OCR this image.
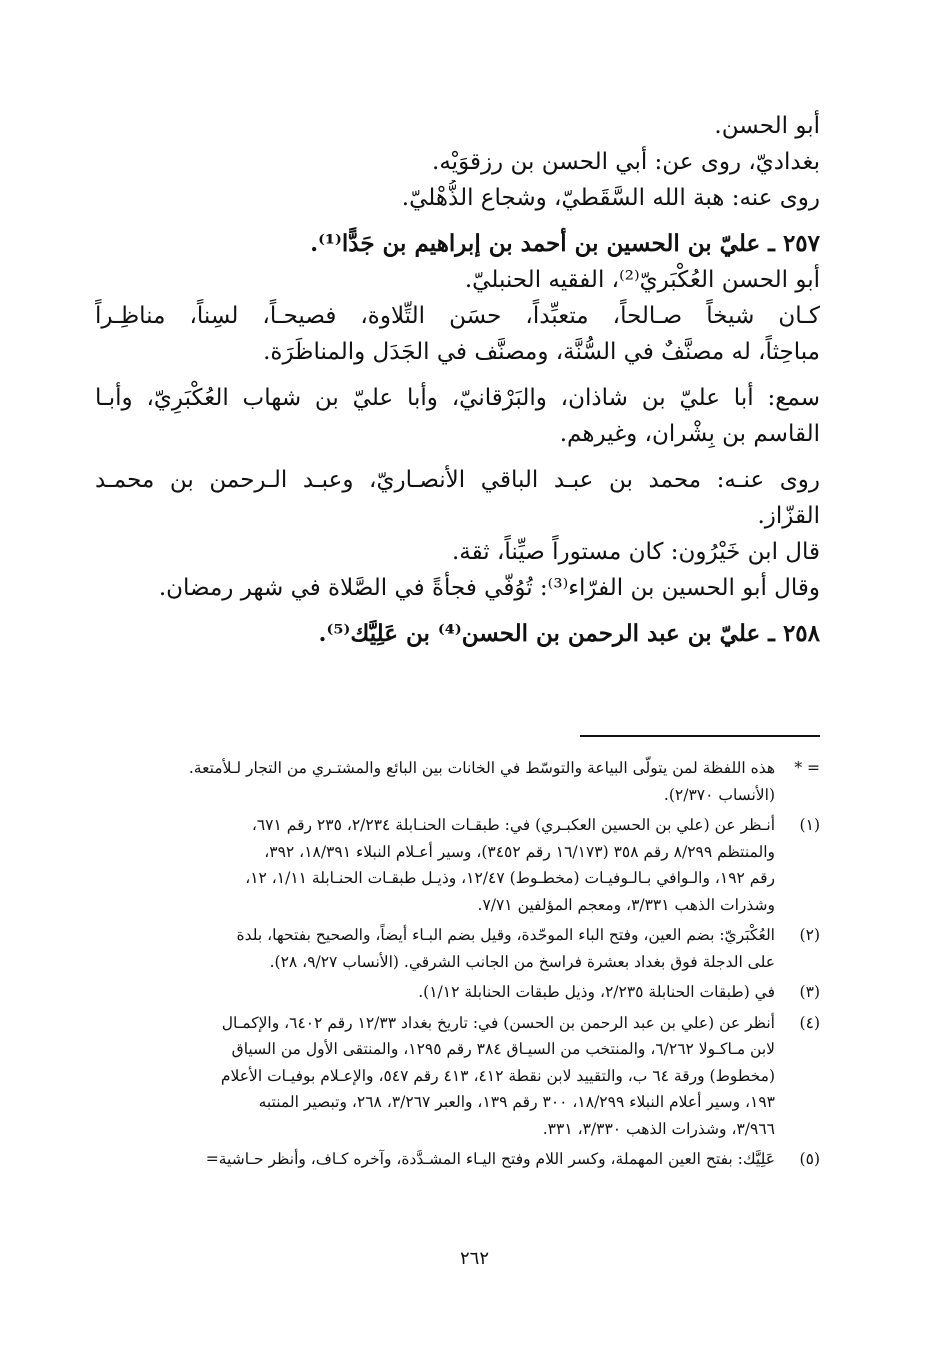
أبو الحسن.
بغداديّ، روى عن: أبي الحسن بن رزقوَيْه.
روى عنه: هبة الله السَّقَطيّ، وشجاع الذُّهْليّ.
٢٥٧ ـ عليّ بن الحسين بن أحمد بن إبراهيم بن جَدًّا⁽¹⁾.
أبو الحسن العُكْبَريّ⁽²⁾، الفقيه الحنبليّ.
كـان شيخاً صـالحاً، متعبِّداً، حسَن التِّلاوة، فصيحـاً، لسِناً، مناظِـراً
مباحِثاً، له مصنَّفٌ في السُّنَّة، ومصنَّف في الجَدَل والمناظَرَة.
سمع: أبا عليّ بن شاذان، والبَرْقانيّ، وأبا عليّ بن شهاب العُكْبَرِيّ، وأبـا
القاسم بن بِشْران، وغيرهم.
روى عنـه: محمد بن عبـد الباقي الأنصـاريّ، وعبـد الـرحمن بن محمـد
القزّاز.
قال ابن خَيْرُون: كان مستوراً صيِّناً، ثقة.
وقال أبو الحسين بن الفرّاء⁽³⁾: تُوُفّي فجأةً في الصَّلاة في شهر رمضان.
٢٥٨ ـ عليّ بن عبد الرحمن بن الحسن⁽⁴⁾ بن عَلِيَّك⁽⁵⁾.
= *
هذه اللفظة لمن يتولّى البياعة والتوسّط في الخانات بين البائع والمشتـري من التجار لـلأمتعة.
(الأنساب ٢/٣٧٠).
(١)
أنـظر عن (علي بن الحسين العكبـري) في: طبقـات الحنـابلة ٢/٢٣٤، ٢٣٥ رقم ٦٧١،
والمنتظم ٨/٢٩٩ رقم ٣٥٨ (١٦/١٧٣ رقم ٣٤٥٢)، وسير أعـلام النبلاء ١٨/٣٩١، ٣٩٢،
رقم ١٩٢، والـوافي بـالـوفيـات (مخطـوط) ١٢/٤٧، وذيـل طبقـات الحنـابلة ١/١١، ١٢،
وشذرات الذهب ٣/٣٣١، ومعجم المؤلفين ٧/٧١.
(٢)
العُكْبَريّ: بضم العين، وفتح الباء الموحّدة، وقيل بضم البـاء أيضاً، والصحيح بفتحها، بلدة
على الدجلة فوق بغداد بعشرة فراسخ من الجانب الشرقي. (الأنساب ٩/٢٧، ٢٨).
(٣)
في (طبقات الحنابلة ٢/٢٣٥، وذيل طبقات الحنابلة ١/١٢).
(٤)
أنظر عن (علي بن عبد الرحمن بن الحسن) في: تاريخ بغداد ١٢/٣٣ رقم ٦٤٠٢، والإكمـال
لابن مـاكـولا ٦/٢٦٢، والمنتخب من السيـاق ٣٨٤ رقم ١٢٩٥، والمنتقى الأول من السياق
(مخطوط) ورقة ٦٤ ب، والتقييد لابن نقطة ٤١٢، ٤١٣ رقم ٥٤٧، والإعـلام بوفيـات الأعلام
١٩٣، وسير أعلام النبلاء ١٨/٢٩٩، ٣٠٠ رقم ١٣٩، والعبر ٣/٢٦٧، ٢٦٨، وتبصير المنتبه
٣/٩٦٦، وشذرات الذهب ٣/٣٣٠، ٣٣١.
(٥)
عَلِيَّك: بفتح العين المهملة، وكسر اللام وفتح اليـاء المشـدَّدة، وآخره كـاف، وأنظر حـاشية=
٢٦٢
